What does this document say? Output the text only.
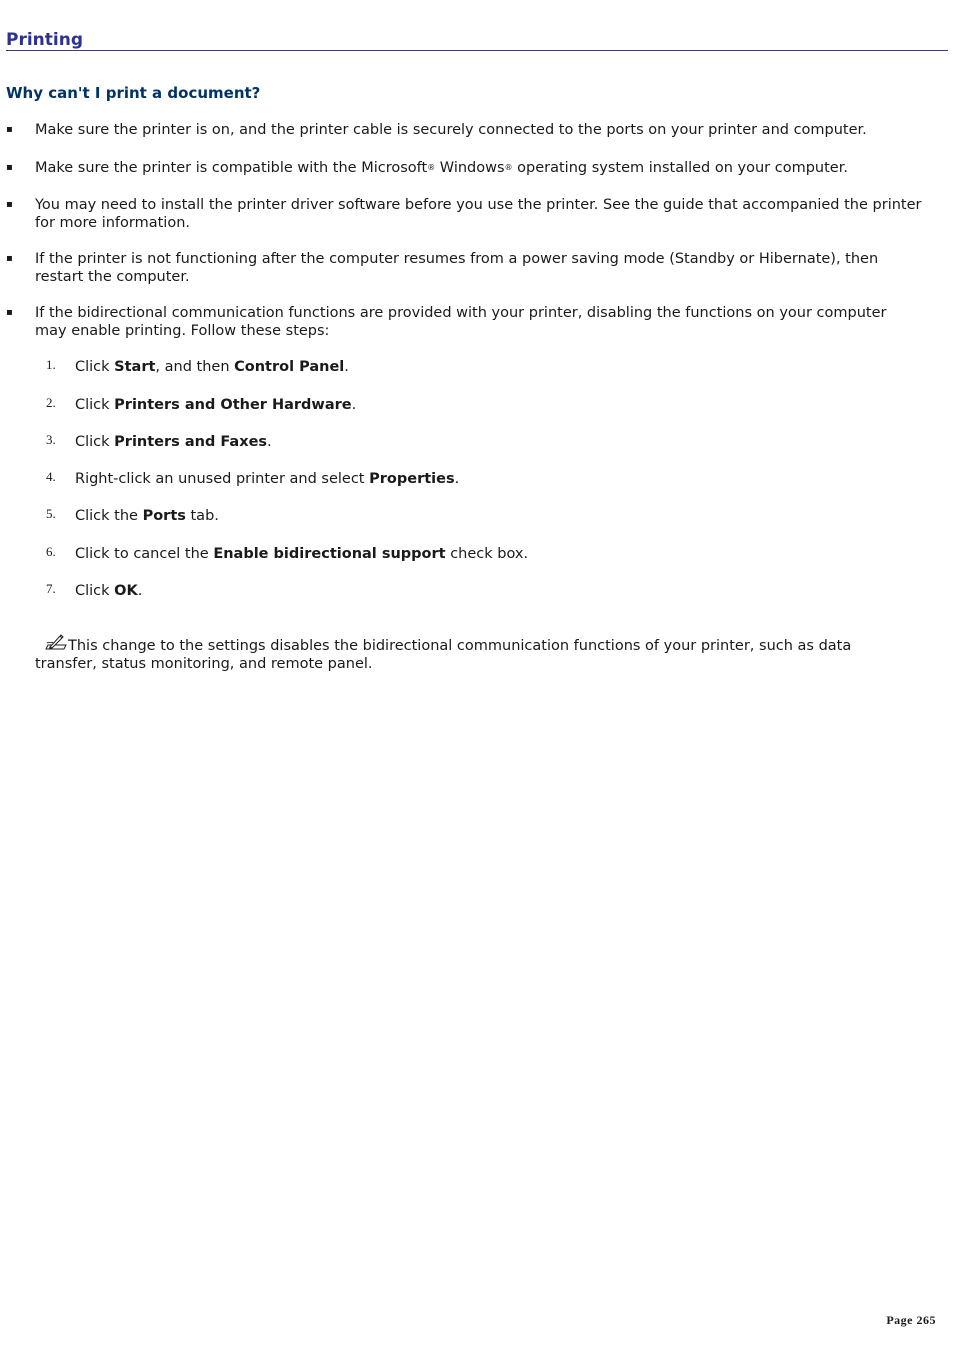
Printing
Why can't I print a document?
▪ Make sure the printer is on, and the printer cable is securely connected to the ports on your printer and computer.
▪ Make sure the printer is compatible with the Microsoft® Windows® operating system installed on your computer.
▪ You may need to install the printer driver software before you use the printer. See the guide that accompanied the printer for more information.
▪ If the printer is not functioning after the computer resumes from a power saving mode (Standby or Hibernate), then restart the computer.
▪ If the bidirectional communication functions are provided with your printer, disabling the functions on your computer may enable printing. Follow these steps:
1. Click Start, and then Control Panel.
2. Click Printers and Other Hardware.
3. Click Printers and Faxes.
4. Right-click an unused printer and select Properties.
5. Click the Ports tab.
6. Click to cancel the Enable bidirectional support check box.
7. Click OK.
This change to the settings disables the bidirectional communication functions of your printer, such as data transfer, status monitoring, and remote panel.
Page 265
